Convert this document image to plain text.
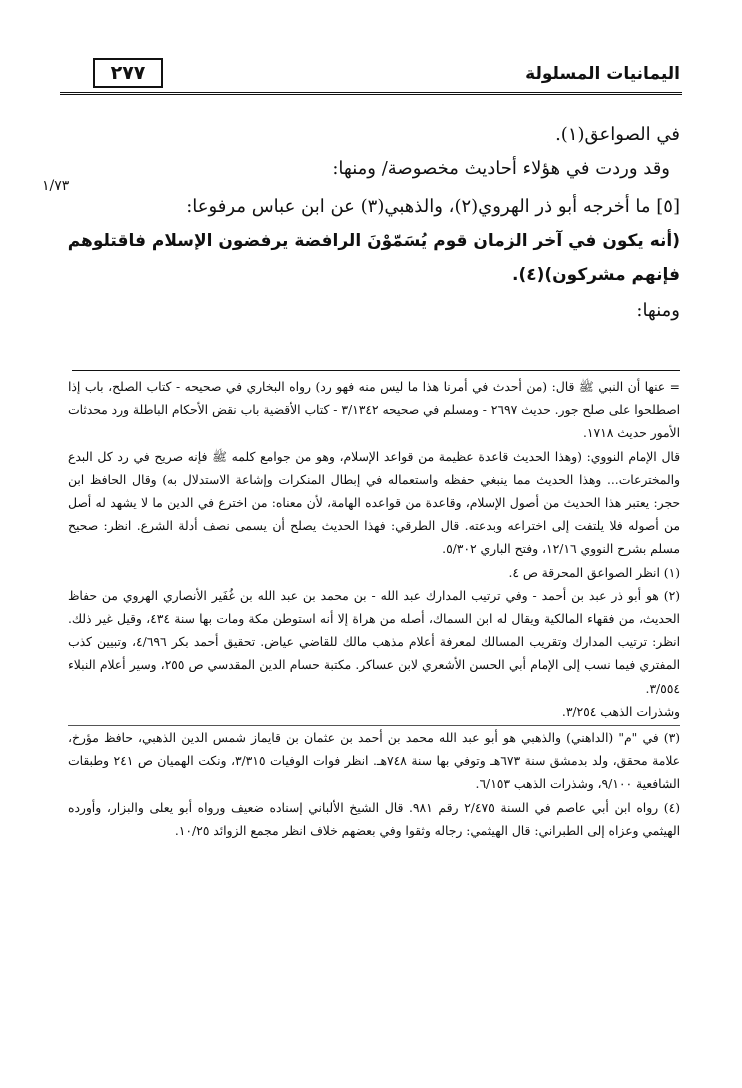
اليمانيات المسلولة
٢٧٧
١/٧٣
في الصواعق(١).
وقد وردت في هؤلاء أحاديث مخصوصة/ ومنها:
[٥] ما أخرجه أبو ذر الهروي(٢)، والذهبي(٣) عن ابن عباس مرفوعا:
(أنه يكون في آخر الزمان قوم يُسَمّوْنَ الرافضة يرفضون الإسلام فاقتلوهم
فإنهم مشركون)(٤).
ومنها:

= عنها أن النبي ﷺ قال: (من أحدث في أمرنا هذا ما ليس منه فهو رد) رواه البخاري في صحيحه - كتاب الصلح، باب إذا اصطلحوا على صلح جور. حديث ٢٦٩٧ - ومسلم في صحيحه ٣/١٣٤٢ - كتاب الأقضية باب نقض الأحكام الباطلة ورد محدثات الأمور حديث ١٧١٨.

قال الإمام النووي: (وهذا الحديث قاعدة عظيمة من قواعد الإسلام، وهو من جوامع كلمه ﷺ فإنه صريح في رد كل البدع والمخترعات... وهذا الحديث مما ينبغي حفظه واستعماله في إبطال المنكرات وإشاعة الاستدلال به) وقال الحافظ ابن حجر: يعتبر هذا الحديث من أصول الإسلام، وقاعدة من قواعده الهامة، لأن معناه: من اخترع في الدين ما لا يشهد له أصل من أصوله فلا يلتفت إلى اختراعه وبدعته. قال الطرقي: فهذا الحديث يصلح أن يسمى نصف أدلة الشرع. انظر: صحيح مسلم بشرح النووي ١٢/١٦، وفتح الباري ٥/٣٠٢.

(١) انظر الصواعق المحرقة ص ٤.

(٢) هو أبو ذر عبد بن أحمد - وفي ترتيب المدارك عبد الله - بن محمد بن عبد الله بن غُفَير الأنصاري الهروي من حفاظ الحديث، من فقهاء المالكية ويقال له ابن السماك، أصله من هراة إلا أنه استوطن مكة ومات بها سنة ٤٣٤، وقيل غير ذلك. انظر: ترتيب المدارك وتقريب المسالك لمعرفة أعلام مذهب مالك للقاضي عياض. تحقيق أحمد بكر ٤/٦٩٦، وتبيين كذب المفتري فيما نسب إلى الإمام أبي الحسن الأشعري لابن عساكر. مكتبة حسام الدين المقدسي ص ٢٥٥، وسير أعلام النبلاء ٣/٥٥٤.

وشذرات الذهب ٣/٢٥٤.

(٣) في "م" (الداهني) والذهبي هو أبو عبد الله محمد بن أحمد بن عثمان بن قايماز شمس الدين الذهبي، حافظ مؤرخ، علامة محقق، ولد بدمشق سنة ٦٧٣هـ وتوفي بها سنة ٧٤٨هـ. انظر فوات الوفيات ٣/٣١٥، ونكت الهميان ص ٢٤١ وطبقات الشافعية ٩/١٠٠، وشذرات الذهب ٦/١٥٣.

(٤) رواه ابن أبي عاصم في السنة ٢/٤٧٥ رقم ٩٨١. قال الشيخ الألباني إسناده ضعيف ورواه أبو يعلى والبزار، وأورده الهيثمي وعزاه إلى الطبراني: قال الهيثمي: رجاله وثقوا وفي بعضهم خلاف انظر مجمع الزوائد ١٠/٢٥.
